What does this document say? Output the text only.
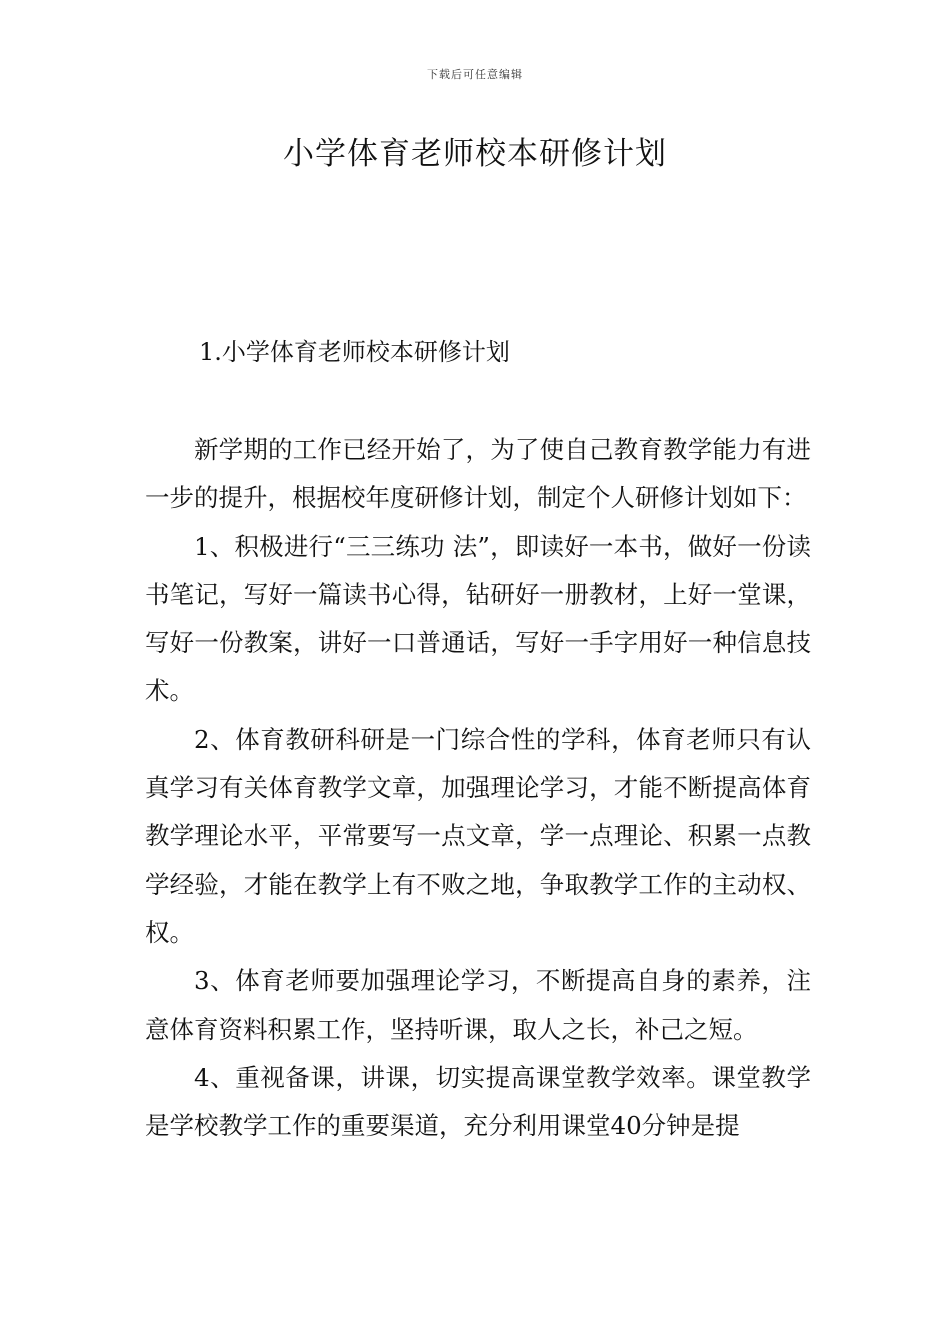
下载后可任意编辑
小学体育老师校本研修计划
1.小学体育老师校本研修计划

新学期的工作已经开始了，为了使自己教育教学能力有进一步的提升，根据校年度研修计划，制定个人研修计划如下：

1、积极进行“三三练功 法”，即读好一本书，做好一份读书笔记，写好一篇读书心得，钻研好一册教材，上好一堂课，写好一份教案，讲好一口普通话，写好一手字用好一种信息技术。

2、体育教研科研是一门综合性的学科，体育老师只有认真学习有关体育教学文章，加强理论学习，才能不断提高体育教学理论水平，平常要写一点文章，学一点理论、积累一点教学经验，才能在教学上有不败之地，争取教学工作的主动权、权。

3、体育老师要加强理论学习，不断提高自身的素养，注意体育资料积累工作，坚持听课，取人之长，补己之短。

4、重视备课，讲课，切实提高课堂教学效率。课堂教学是学校教学工作的重要渠道，充分利用课堂40分钟是提
